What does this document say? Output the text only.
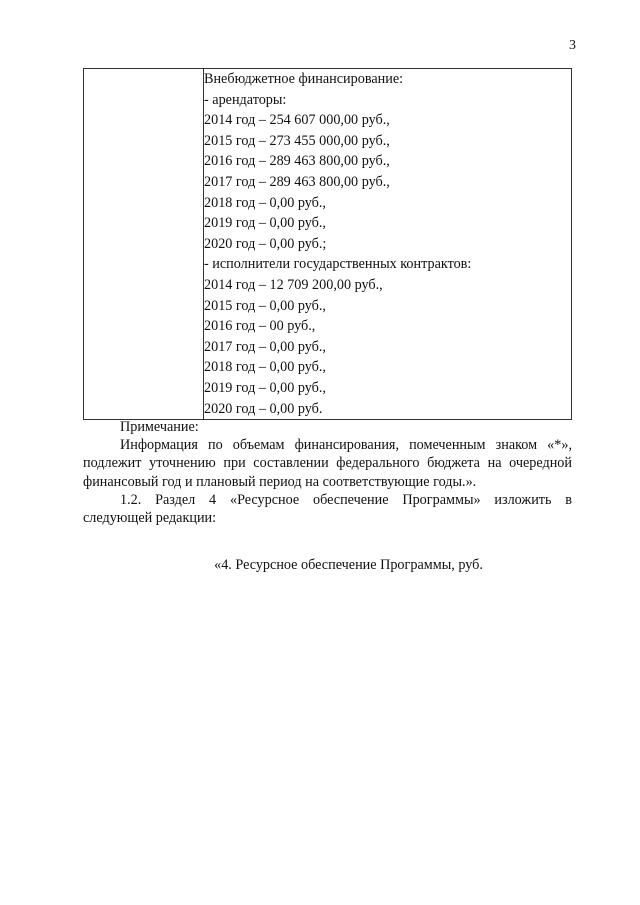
3

Внебюджетное финансирование:
- арендаторы:
2014 год – 254 607 000,00 руб.,
2015 год – 273 455 000,00 руб.,
2016 год – 289 463 800,00 руб.,
2017 год – 289 463 800,00 руб.,
2018 год – 0,00 руб.,
2019 год – 0,00 руб.,
2020 год – 0,00 руб.;
- исполнители государственных контрактов:
2014 год – 12 709 200,00 руб.,
2015 год – 0,00 руб.,
2016 год – 00 руб.,
2017 год – 0,00 руб.,
2018 год – 0,00 руб.,
2019 год – 0,00 руб.,
2020 год – 0,00 руб.

Примечание:

Информация по объемам финансирования, помеченным знаком «*», подлежит уточнению при составлении федерального бюджета на очередной финансовый год и плановый период на соответствующие годы.».

1.2. Раздел 4 «Ресурсное обеспечение Программы» изложить в следующей редакции:

«4. Ресурсное обеспечение Программы, руб.
